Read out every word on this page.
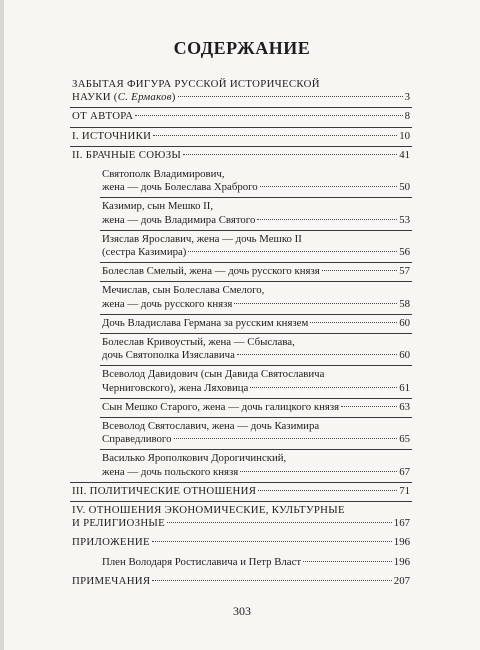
СОДЕРЖАНИЕ
ЗАБЫТАЯ ФИГУРА РУССКОЙ ИСТОРИЧЕСКОЙ
НАУКИ (С. Ермаков)	3
ОТ АВТОРА	8
I. ИСТОЧНИКИ	10
II. БРАЧНЫЕ СОЮЗЫ	41
Святополк Владимирович,
жена — дочь Болеслава Храброго	50
Казимир, сын Мешко II,
жена — дочь Владимира Святого	53
Изяслав Ярославич, жена — дочь Мешко II
(сестра Казимира)	56
Болеслав Смелый, жена — дочь русского князя	57
Мечислав, сын Болеслава Смелого,
жена — дочь русского князя	58
Дочь Владислава Германа за русским князем	60
Болеслав Кривоустый, жена — Сбыслава,
дочь Святополка Изяславича	60
Всеволод Давидович (сын Давида Святославича
Черниговского), жена Ляховица	61
Сын Мешко Старого, жена — дочь галицкого князя	63
Всеволод Святославич, жена — дочь Казимира
Справедливого	65
Василько Ярополкович Дорогичинский,
жена — дочь польского князя	67
III. ПОЛИТИЧЕСКИЕ ОТНОШЕНИЯ	71
IV. ОТНОШЕНИЯ ЭКОНОМИЧЕСКИЕ, КУЛЬТУРНЫЕ
И РЕЛИГИОЗНЫЕ	167
ПРИЛОЖЕНИЕ	196
Плен Володаря Ростиславича и Петр Власт	196
ПРИМЕЧАНИЯ	207
303
